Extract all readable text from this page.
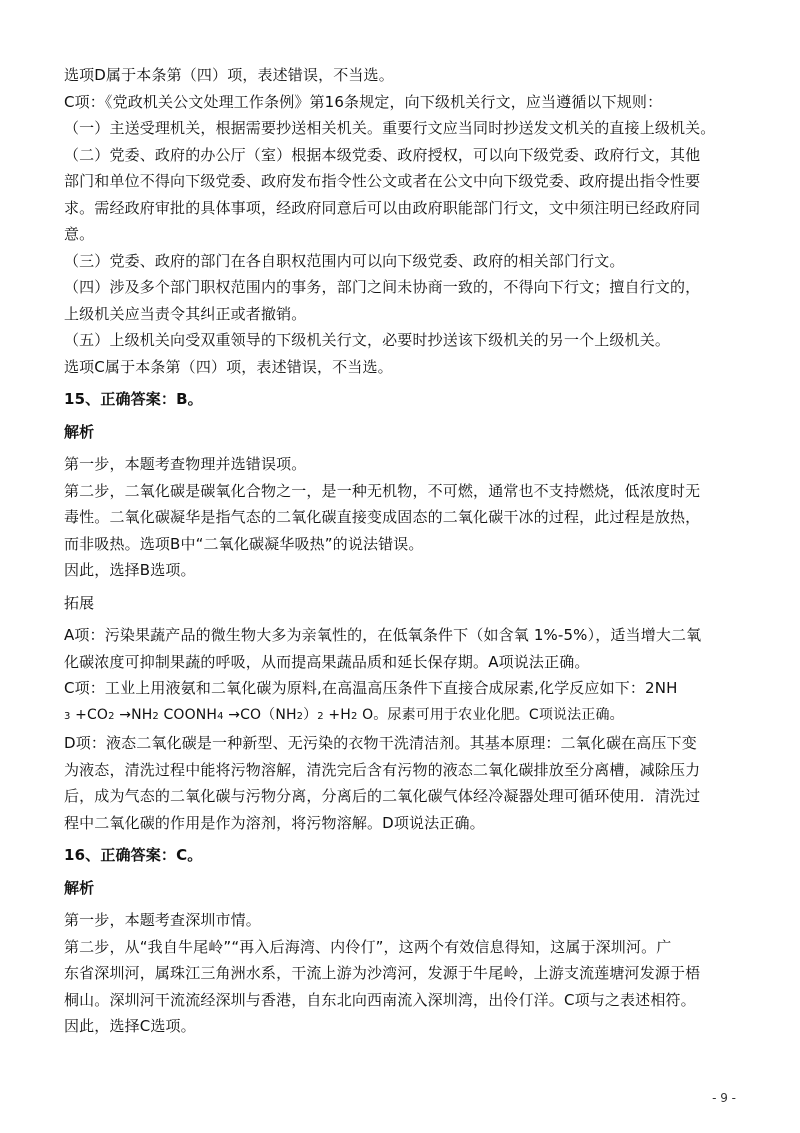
选项D属于本条第（四）项，表述错误，不当选。
C项：《党政机关公文处理工作条例》第16条规定，向下级机关行文，应当遵循以下规则：
（一）主送受理机关，根据需要抄送相关机关。重要行文应当同时抄送发文机关的直接上级机关。
（二）党委、政府的办公厅（室）根据本级党委、政府授权，可以向下级党委、政府行文，其他
部门和单位不得向下级党委、政府发布指令性公文或者在公文中向下级党委、政府提出指令性要
求。需经政府审批的具体事项，经政府同意后可以由政府职能部门行文，文中须注明已经政府同
意。
（三）党委、政府的部门在各自职权范围内可以向下级党委、政府的相关部门行文。
（四）涉及多个部门职权范围内的事务，部门之间未协商一致的，不得向下行文；擅自行文的，
上级机关应当责令其纠正或者撤销。
（五）上级机关向受双重领导的下级机关行文，必要时抄送该下级机关的另一个上级机关。
选项C属于本条第（四）项，表述错误，不当选。
15、正确答案：B。
解析
第一步，本题考查物理并选错误项。
第二步，二氧化碳是碳氧化合物之一，是一种无机物，不可燃，通常也不支持燃烧，低浓度时无
毒性。二氧化碳凝华是指气态的二氧化碳直接变成固态的二氧化碳干冰的过程，此过程是放热，
而非吸热。选项B中“二氧化碳凝华吸热”的说法错误。
因此，选择B选项。
拓展
A项：污染果蔬产品的微生物大多为亲氧性的，在低氧条件下（如含氧 1%-5%），适当增大二氧
化碳浓度可抑制果蔬的呼吸，从而提高果蔬品质和延长保存期。A项说法正确。
C项：工业上用液氨和二氧化碳为原料,在高温高压条件下直接合成尿素,化学反应如下：2NH
3 +CO2 →NH2 COONH4 →CO（NH2）2 +H2 O。尿素可用于农业化肥。C项说法正确。
D项：液态二氧化碳是一种新型、无污染的衣物干洗清洁剂。其基本原理：二氧化碳在高压下变
为液态，清洗过程中能将污物溶解，清洗完后含有污物的液态二氧化碳排放至分离槽，减除压力
后，成为气态的二氧化碳与污物分离，分离后的二氧化碳气体经冷凝器处理可循环使用．清洗过
程中二氧化碳的作用是作为溶剂，将污物溶解。D项说法正确。
16、正确答案：C。
解析
第一步，本题考查深圳市情。
第二步，从“我自牛尾岭”“再入后海湾、内伶仃”，这两个有效信息得知，这属于深圳河。广
东省深圳河，属珠江三角洲水系，干流上游为沙湾河，发源于牛尾岭，上游支流莲塘河发源于梧
桐山。深圳河干流流经深圳与香港，自东北向西南流入深圳湾，出伶仃洋。C项与之表述相符。
因此，选择C选项。
- 9 -
